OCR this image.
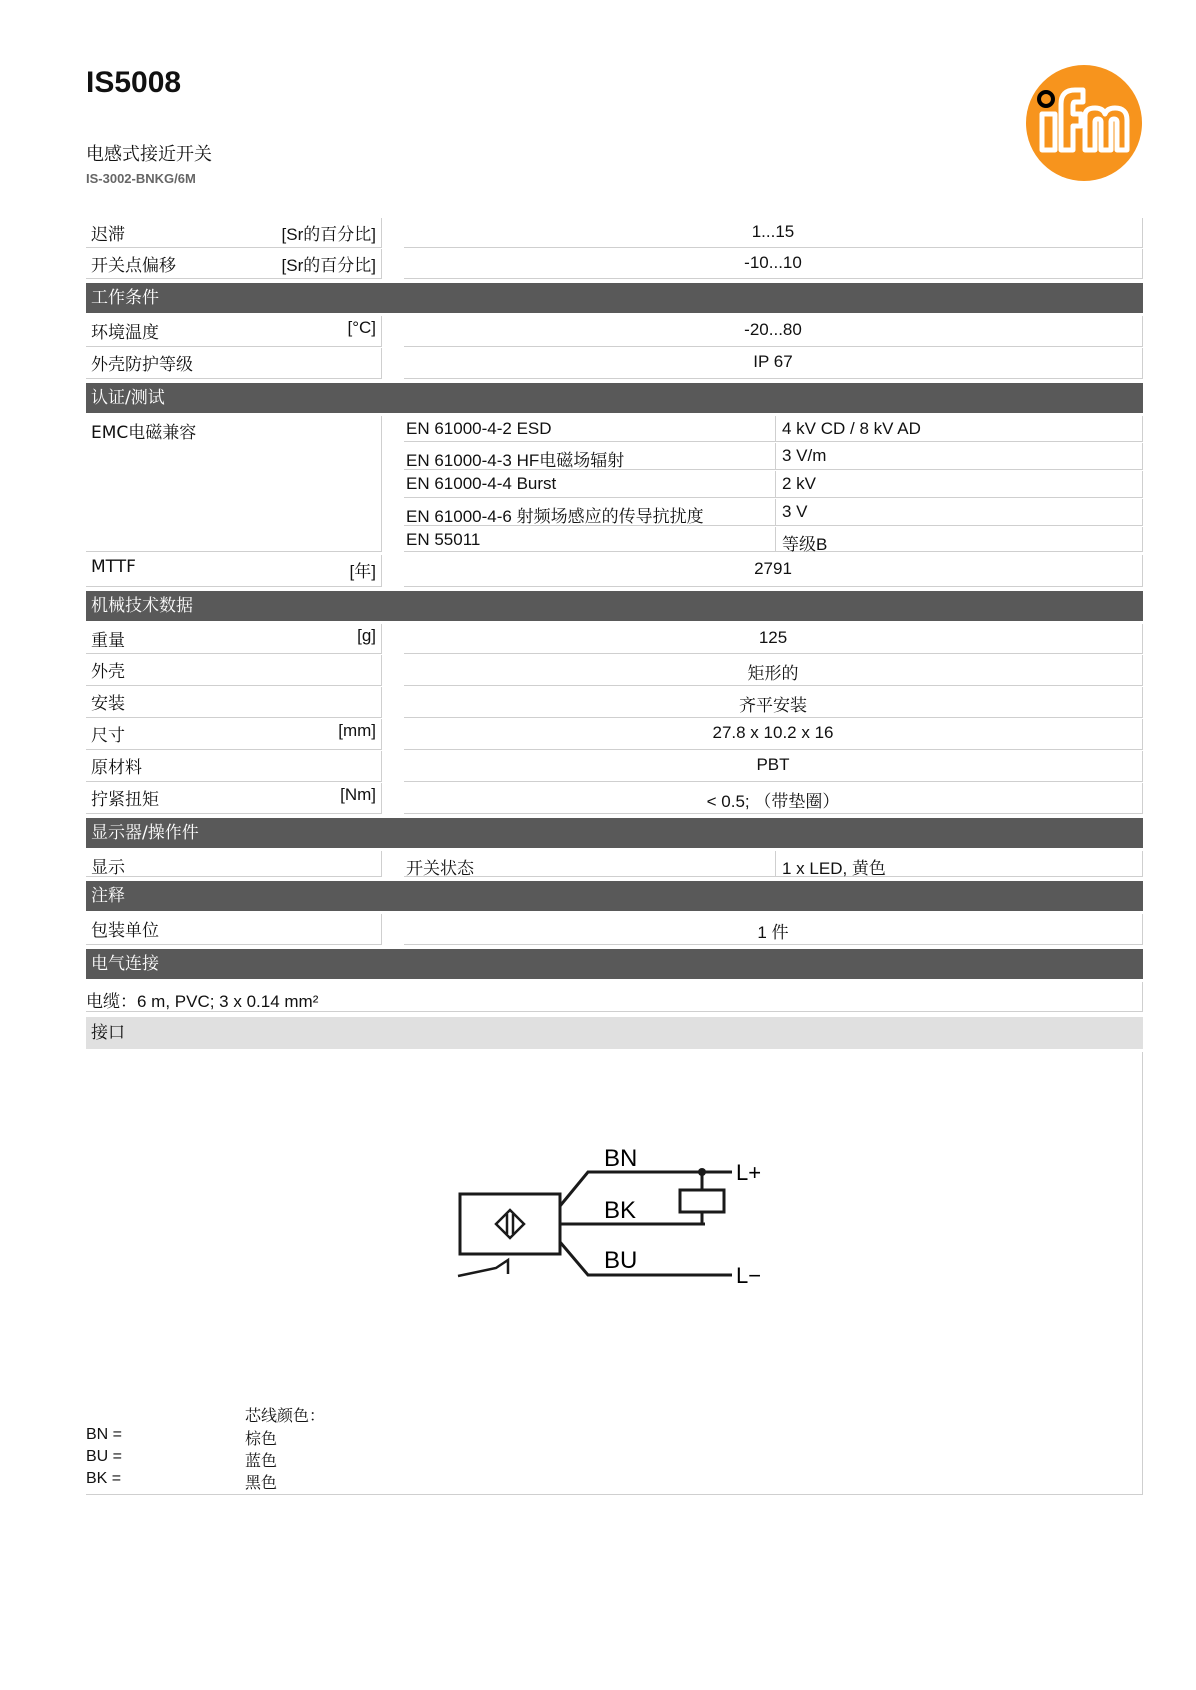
IS5008
电感式接近开关
IS-3002-BNKG/6M
迟滞	[Sr的百分比]	1...15
开关点偏移	[Sr的百分比]	-10...10
工作条件
环境温度	[°C]	-20...80
外壳防护等级	IP 67
认证/测试
EMC电磁兼容	EN 61000-4-2 ESD	4 kV CD / 8 kV AD
EN 61000-4-3 HF电磁场辐射	3 V/m
EN 61000-4-4 Burst	2 kV
EN 61000-4-6 射频场感应的传导抗扰度	3 V
EN 55011	等级B
MTTF	[年]	2791
机械技术数据
重量	[g]	125
外壳	矩形的
安装	齐平安装
尺寸	[mm]	27.8 x 10.2 x 16
原材料	PBT
拧紧扭矩	[Nm]	< 0.5; （带垫圈）
显示器/操作件
显示	开关状态	1 x LED, 黄色
注释
包装单位	1 件
电气连接
电缆：6 m, PVC; 3 x 0.14 mm²
接口
BN
BK
BU
L+
L−
芯线颜色：
BN =	棕色
BU =	蓝色
BK =	黑色
